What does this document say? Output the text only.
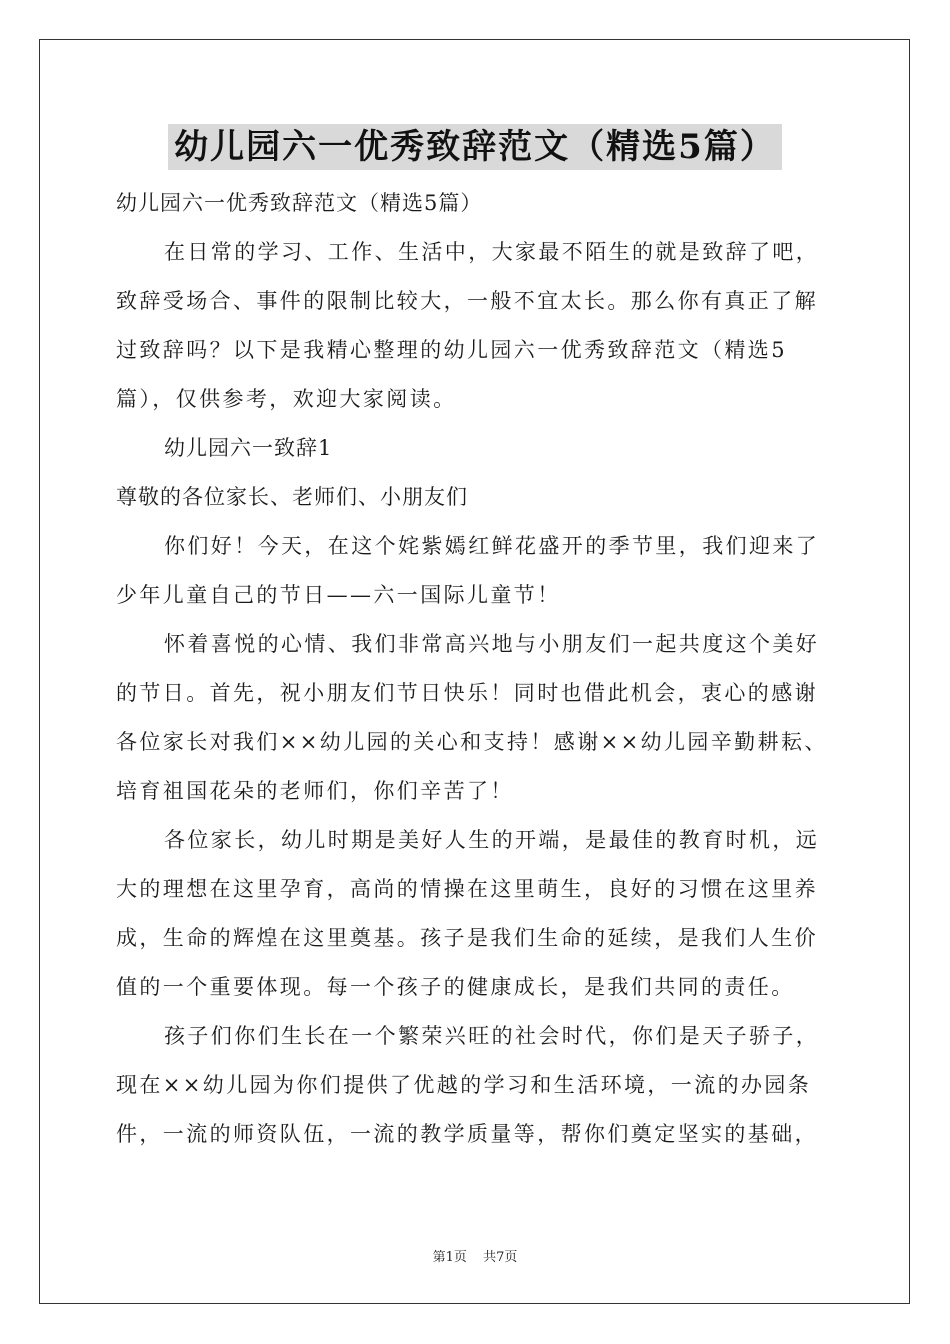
幼儿园六一优秀致辞范文（精选5篇）
幼儿园六一优秀致辞范文（精选5篇）
在日常的学习、工作、生活中，大家最不陌生的就是致辞了吧，
致辞受场合、事件的限制比较大，一般不宜太长。那么你有真正了解
过致辞吗？以下是我精心整理的幼儿园六一优秀致辞范文（精选5
篇），仅供参考，欢迎大家阅读。
幼儿园六一致辞1
尊敬的各位家长、老师们、小朋友们
你们好！今天，在这个姹紫嫣红鲜花盛开的季节里，我们迎来了
少年儿童自己的节日——六一国际儿童节！
怀着喜悦的心情、我们非常高兴地与小朋友们一起共度这个美好
的节日。首先，祝小朋友们节日快乐！同时也借此机会，衷心的感谢
各位家长对我们××幼儿园的关心和支持！感谢××幼儿园辛勤耕耘、
培育祖国花朵的老师们，你们辛苦了！
各位家长，幼儿时期是美好人生的开端，是最佳的教育时机，远
大的理想在这里孕育，高尚的情操在这里萌生，良好的习惯在这里养
成，生命的辉煌在这里奠基。孩子是我们生命的延续，是我们人生价
值的一个重要体现。每一个孩子的健康成长，是我们共同的责任。
孩子们你们生长在一个繁荣兴旺的社会时代，你们是天子骄子，
现在××幼儿园为你们提供了优越的学习和生活环境，一流的办园条
件，一流的师资队伍，一流的教学质量等，帮你们奠定坚实的基础，
第1页 共7页
